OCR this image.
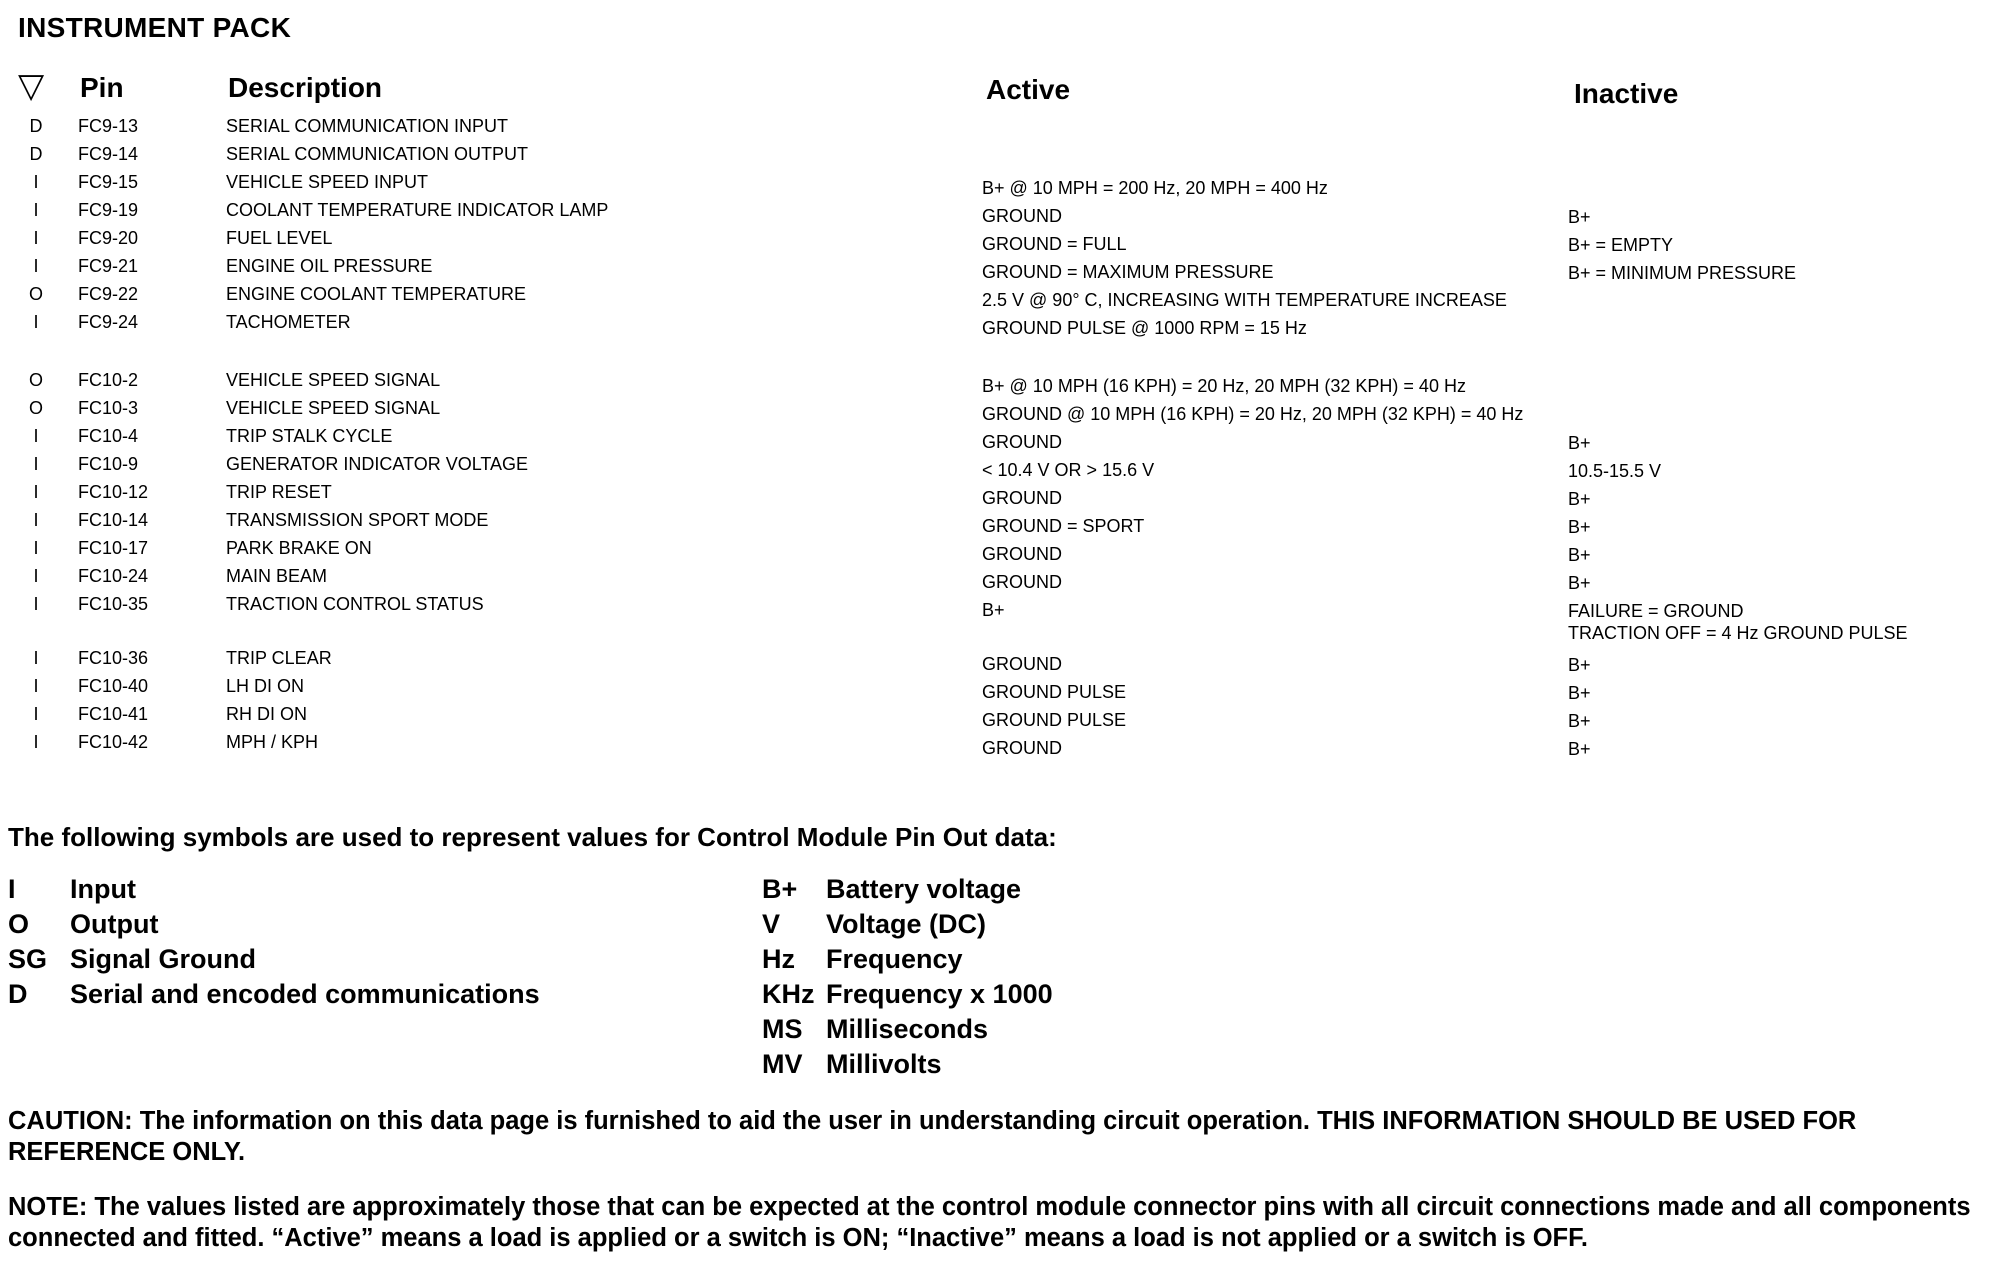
INSTRUMENT PACK
▽ Pin	Description	Active	Inactive
D FC9-13	SERIAL COMMUNICATION INPUT
D FC9-14	SERIAL COMMUNICATION OUTPUT
I	FC9-15	VEHICLE SPEED INPUT	B+ @ 10 MPH = 200 Hz, 20 MPH = 400 Hz
I	FC9-19	COOLANT TEMPERATURE INDICATOR LAMP	GROUND	B+
I	FC9-20	FUEL LEVEL	GROUND = FULL	B+ = EMPTY
I	FC9-21	ENGINE OIL PRESSURE	GROUND = MAXIMUM PRESSURE	B+ = MINIMUM PRESSURE
O FC9-22	ENGINE COOLANT TEMPERATURE	2.5 V @ 90° C, INCREASING WITH TEMPERATURE INCREASE
I	FC9-24	TACHOMETER	GROUND PULSE @ 1000 RPM = 15 Hz
O FC10-2	VEHICLE SPEED SIGNAL	B+ @ 10 MPH (16 KPH) = 20 Hz, 20 MPH (32 KPH) = 40 Hz
O FC10-3	VEHICLE SPEED SIGNAL	GROUND @ 10 MPH (16 KPH) = 20 Hz, 20 MPH (32 KPH) = 40 Hz
I	FC10-4	TRIP STALK CYCLE	GROUND	B+
I	FC10-9	GENERATOR INDICATOR VOLTAGE	< 10.4 V OR > 15.6 V	10.5-15.5 V
I	FC10-12	TRIP RESET	GROUND	B+
I	FC10-14	TRANSMISSION SPORT MODE	GROUND = SPORT	B+
I	FC10-17	PARK BRAKE ON	GROUND	B+
I	FC10-24	MAIN BEAM	GROUND	B+
I	FC10-35	TRACTION CONTROL STATUS	B+	FAILURE = GROUND
TRACTION OFF = 4 Hz GROUND PULSE
I	FC10-36	TRIP CLEAR	GROUND	B+
I	FC10-40	LH DI ON	GROUND PULSE	B+
I	FC10-41	RH DI ON	GROUND PULSE	B+
I	FC10-42	MPH / KPH	GROUND	B+
The following symbols are used to represent values for Control Module Pin Out data:
I Input
O Output
SG Signal Ground
D Serial and encoded communications
B+ Battery voltage
V Voltage (DC)
Hz Frequency
KHz Frequency x 1000
MS Milliseconds
MV Millivolts
CAUTION: The information on this data page is furnished to aid the user in understanding circuit operation. THIS INFORMATION SHOULD BE USED FOR REFERENCE ONLY.
NOTE: The values listed are approximately those that can be expected at the control module connector pins with all circuit connections made and all components connected and fitted. “Active” means a load is applied or a switch is ON; “Inactive” means a load is not applied or a switch is OFF.
